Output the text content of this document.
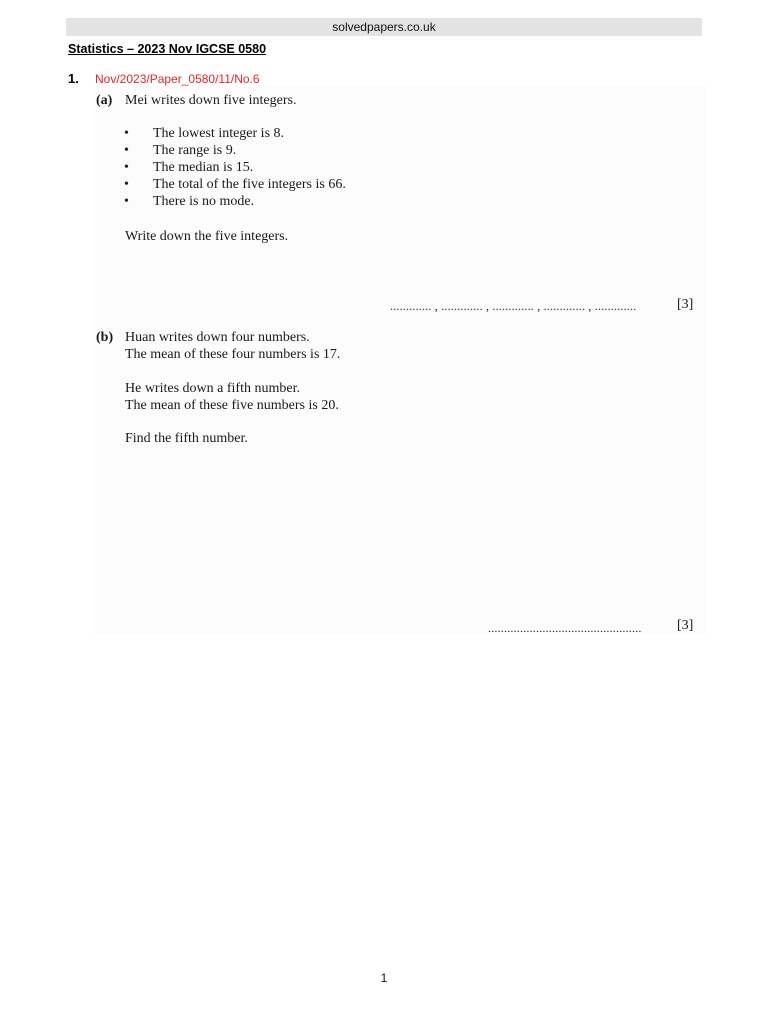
solvedpapers.co.uk
Statistics – 2023 Nov IGCSE 0580
1. Nov/2023/Paper_0580/11/No.6
(a) Mei writes down five integers.
• The lowest integer is 8.
• The range is 9.
• The median is 15.
• The total of the five integers is 66.
• There is no mode.
Write down the five integers.
............. , ............. , ............. , ............. , .............	[3]
(b) Huan writes down four numbers.
The mean of these four numbers is 17.
He writes down a fifth number.
The mean of these five numbers is 20.
Find the fifth number.
................................................	[3]
1
